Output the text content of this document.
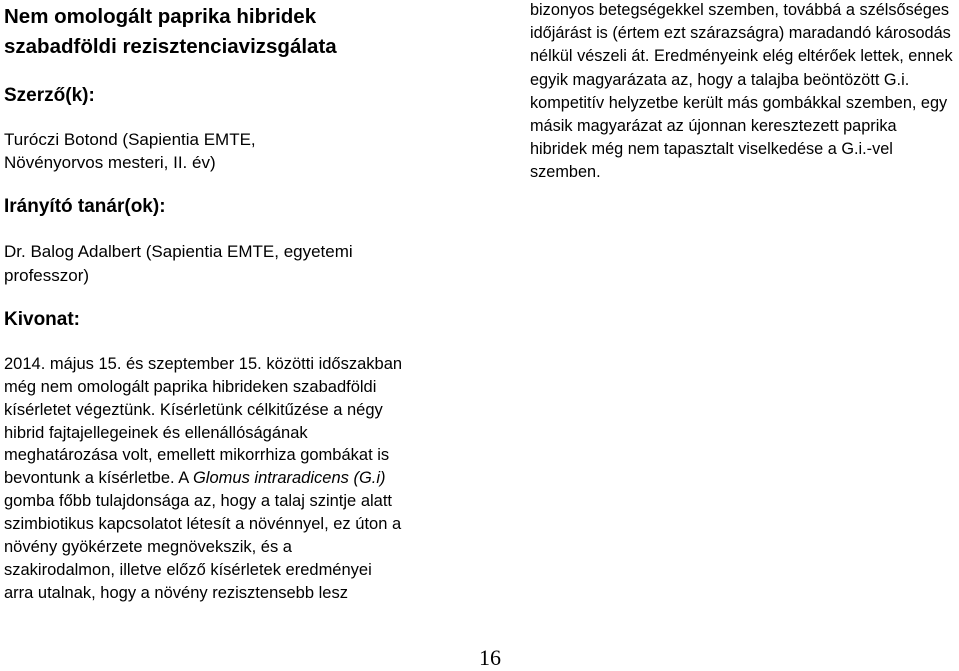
Nem omologált paprika hibridek szabadföldi rezisztenciavizsgálata

Szerző(k):

Turóczi Botond (Sapientia EMTE, Növényorvos mesteri, II. év)

Irányító tanár(ok):

Dr. Balog Adalbert (Sapientia EMTE, egyetemi professzor)

Kivonat:

2014. május 15. és szeptember 15. közötti időszakban még nem omologált paprika hibrideken szabadföldi kísérletet végeztünk. Kísérletünk célkitűzése a négy hibrid fajtajellegeinek és ellenállóságának meghatározása volt, emellett mikorrhiza gombákat is bevontunk a kísérletbe. A Glomus intraradicens (G.i) gomba főbb tulajdonsága az, hogy a talaj szintje alatt szimbiotikus kapcsolatot létesít a növénnyel, ez úton a növény gyökérzete megnövekszik, és a szakirodalmon, illetve előző kísérletek eredményei arra utalnak, hogy a növény rezisztensebb lesz

bizonyos betegségekkel szemben, továbbá a szélsőséges időjárást is (értem ezt szárazságra) maradandó károsodás nélkül vészeli át. Eredményeink elég eltérőek lettek, ennek egyik magyarázata az, hogy a talajba beöntözött G.i. kompetitív helyzetbe került más gombákkal szemben, egy másik magyarázat az újonnan keresztezett paprika hibridek még nem tapasztalt viselkedése a G.i.-vel szemben.

16
